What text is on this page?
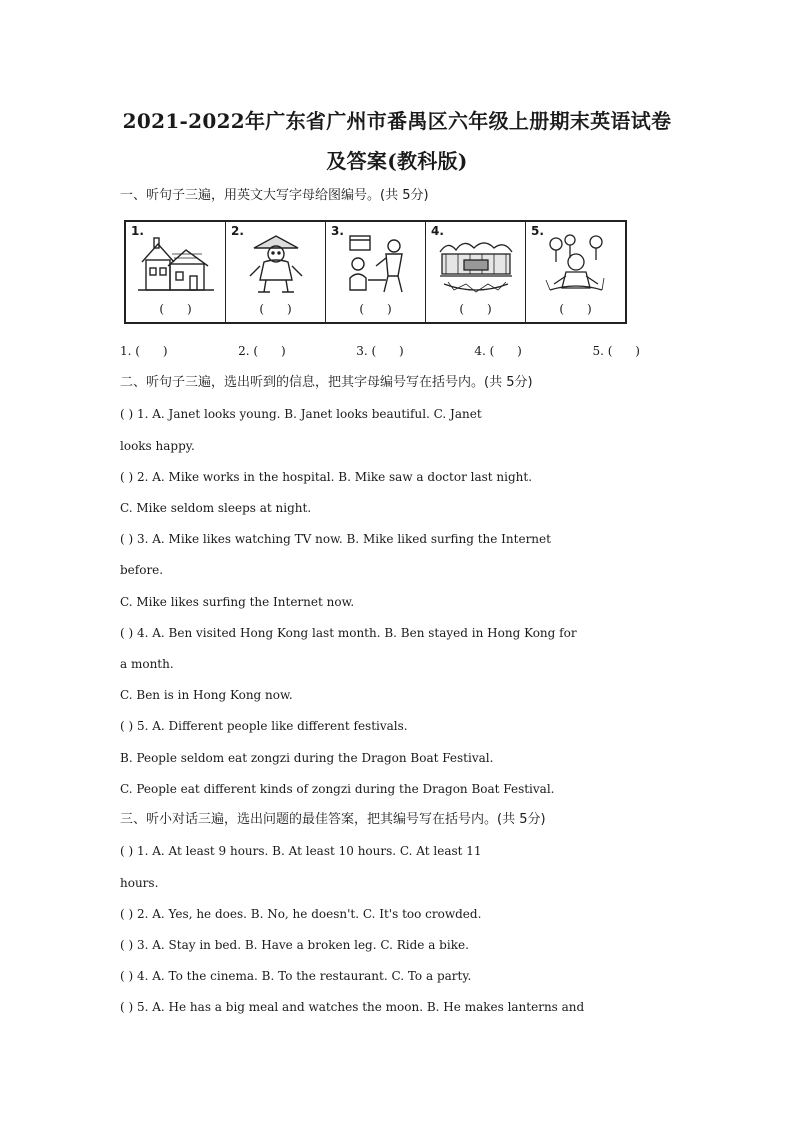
2021-2022年广东省广州市番禺区六年级上册期末英语试卷
及答案(教科版)
一、听句子三遍，用英文大写字母给图编号。(共 5分)
1.
(      )
2.
(      )
3.
(      )
4.
(      )
5.
(      )
1. (      )	2. (      )	3. (      )	4. (      )	5. (      )
二、听句子三遍，选出听到的信息，把其字母编号写在括号内。(共 5分)
( ) 1. A. Janet looks young. B. Janet looks beautiful. C. Janet
looks happy.
( ) 2. A. Mike works in the hospital. B. Mike saw a doctor last night.
C. Mike seldom sleeps at night.
( ) 3. A. Mike likes watching TV now. B. Mike liked surfing the Internet
before.
C. Mike likes surfing the Internet now.
( ) 4. A. Ben visited Hong Kong last month. B. Ben stayed in Hong Kong for
a month.
C. Ben is in Hong Kong now.
( ) 5. A. Different people like different festivals.
B. People seldom eat zongzi during the Dragon Boat Festival.
C. People eat different kinds of zongzi during the Dragon Boat Festival.
三、听小对话三遍，选出问题的最佳答案，把其编号写在括号内。(共 5分)
( ) 1. A. At least 9 hours. B. At least 10 hours. C. At least 11
hours.
( ) 2. A. Yes, he does. B. No, he doesn't. C. It's too crowded.
( ) 3. A. Stay in bed. B. Have a broken leg. C. Ride a bike.
( ) 4. A. To the cinema. B. To the restaurant. C. To a party.
( ) 5. A. He has a big meal and watches the moon. B. He makes lanterns and
